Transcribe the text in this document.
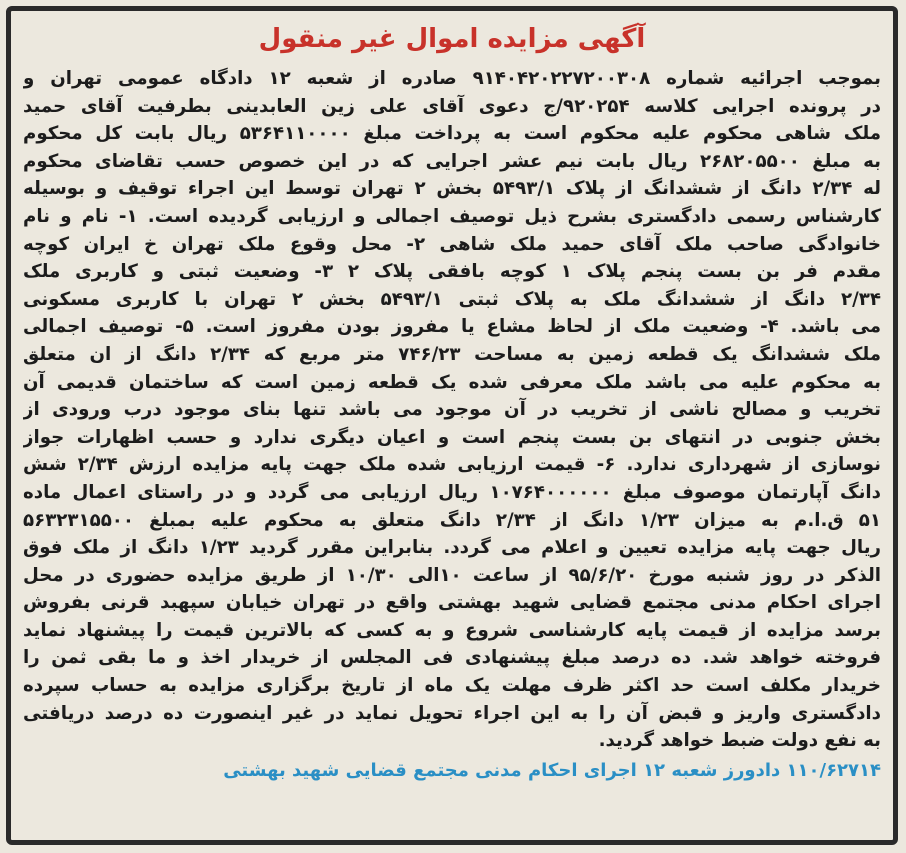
آگهی مزایده اموال غیر منقول
بموجب اجرائیه شماره ۹۱۴۰۴۲۰۲۲۷۲۰۰۳۰۸ صادره از شعبه ۱۲ دادگاه عمومی تهران و
در پرونده اجرایی کلاسه ۹۲۰۲۵۴/ج دعوی آقای علی زین العابدینی بطرفیت آقای حمید
ملک شاهی محکوم علیه محکوم است به پرداخت مبلغ ۵۳۶۴۱۱۰۰۰۰ ریال بابت کل محکوم
به مبلغ ۲۶۸۲۰۵۵۰۰ ریال بابت نیم عشر اجرایی که در این خصوص حسب تقاضای محکوم
له ۲/۳۴ دانگ از ششدانگ از پلاک ۵۴۹۳/۱ بخش ۲ تهران توسط این اجراء توقیف و بوسیله
کارشناس رسمی دادگستری بشرح ذیل توصیف اجمالی و ارزیابی گردیده است. ۱- نام و نام
خانوادگی صاحب ملک آقای حمید ملک شاهی ۲- محل وقوع ملک تهران خ ایران کوچه
مقدم فر بن بست پنجم پلاک ۱ کوچه بافقی پلاک ۲ ۳- وضعیت ثبتی و کاربری ملک
۲/۳۴ دانگ از ششدانگ ملک به پلاک ثبتی ۵۴۹۳/۱ بخش ۲ تهران با کاربری مسکونی
می باشد. ۴- وضعیت ملک از لحاظ مشاع یا مفروز بودن مفروز است. ۵- توصیف اجمالی
ملک ششدانگ یک قطعه زمین به مساحت ۷۴۶/۲۳ متر مربع که ۲/۳۴ دانگ از ان متعلق
به محکوم علیه می باشد ملک معرفی شده یک قطعه زمین است که ساختمان قدیمی آن
تخریب و مصالح ناشی از تخریب در آن موجود می باشد تنها بنای موجود درب ورودی از
بخش جنوبی در انتهای بن بست پنجم است و اعیان دیگری ندارد و حسب اظهارات جواز
نوسازی از شهرداری ندارد. ۶- قیمت ارزیابی شده ملک جهت پایه مزایده ارزش ۲/۳۴ شش
دانگ آپارتمان موصوف مبلغ ۱۰۷۶۴۰۰۰۰۰۰ ریال ارزیابی می گردد و در راستای اعمال ماده
۵۱ ق.ا.م به میزان ۱/۲۳ دانگ از ۲/۳۴ دانگ متعلق به محکوم علیه بمبلغ ۵۶۳۲۳۱۵۵۰۰
ریال جهت پایه مزایده تعیین و اعلام می گردد. بنابراین مقرر گردید ۱/۲۳ دانگ از ملک فوق
الذکر در روز شنبه مورخ ۹۵/۶/۲۰ از ساعت ۱۰الی ۱۰/۳۰ از طریق مزایده حضوری در محل
اجرای احکام مدنی مجتمع قضایی شهید بهشتی واقع در تهران خیابان سپهبد قرنی بفروش
برسد مزایده از قیمت پایه کارشناسی شروع و به کسی که بالاترین قیمت را پیشنهاد نماید
فروخته خواهد شد. ده درصد مبلغ پیشنهادی فی المجلس از خریدار اخذ و ما بقی ثمن را
خریدار مکلف است حد اکثر ظرف مهلت یک ماه از تاریخ برگزاری مزایده به حساب سپرده
دادگستری واریز و قبض آن را به این اجراء تحویل نماید در غیر اینصورت ده درصد دریافتی
به نفع دولت ضبط خواهد گردید.
۱۱۰/۶۲۷۱۴ دادورز شعبه ۱۲ اجرای احکام مدنی مجتمع قضایی شهید بهشتی
